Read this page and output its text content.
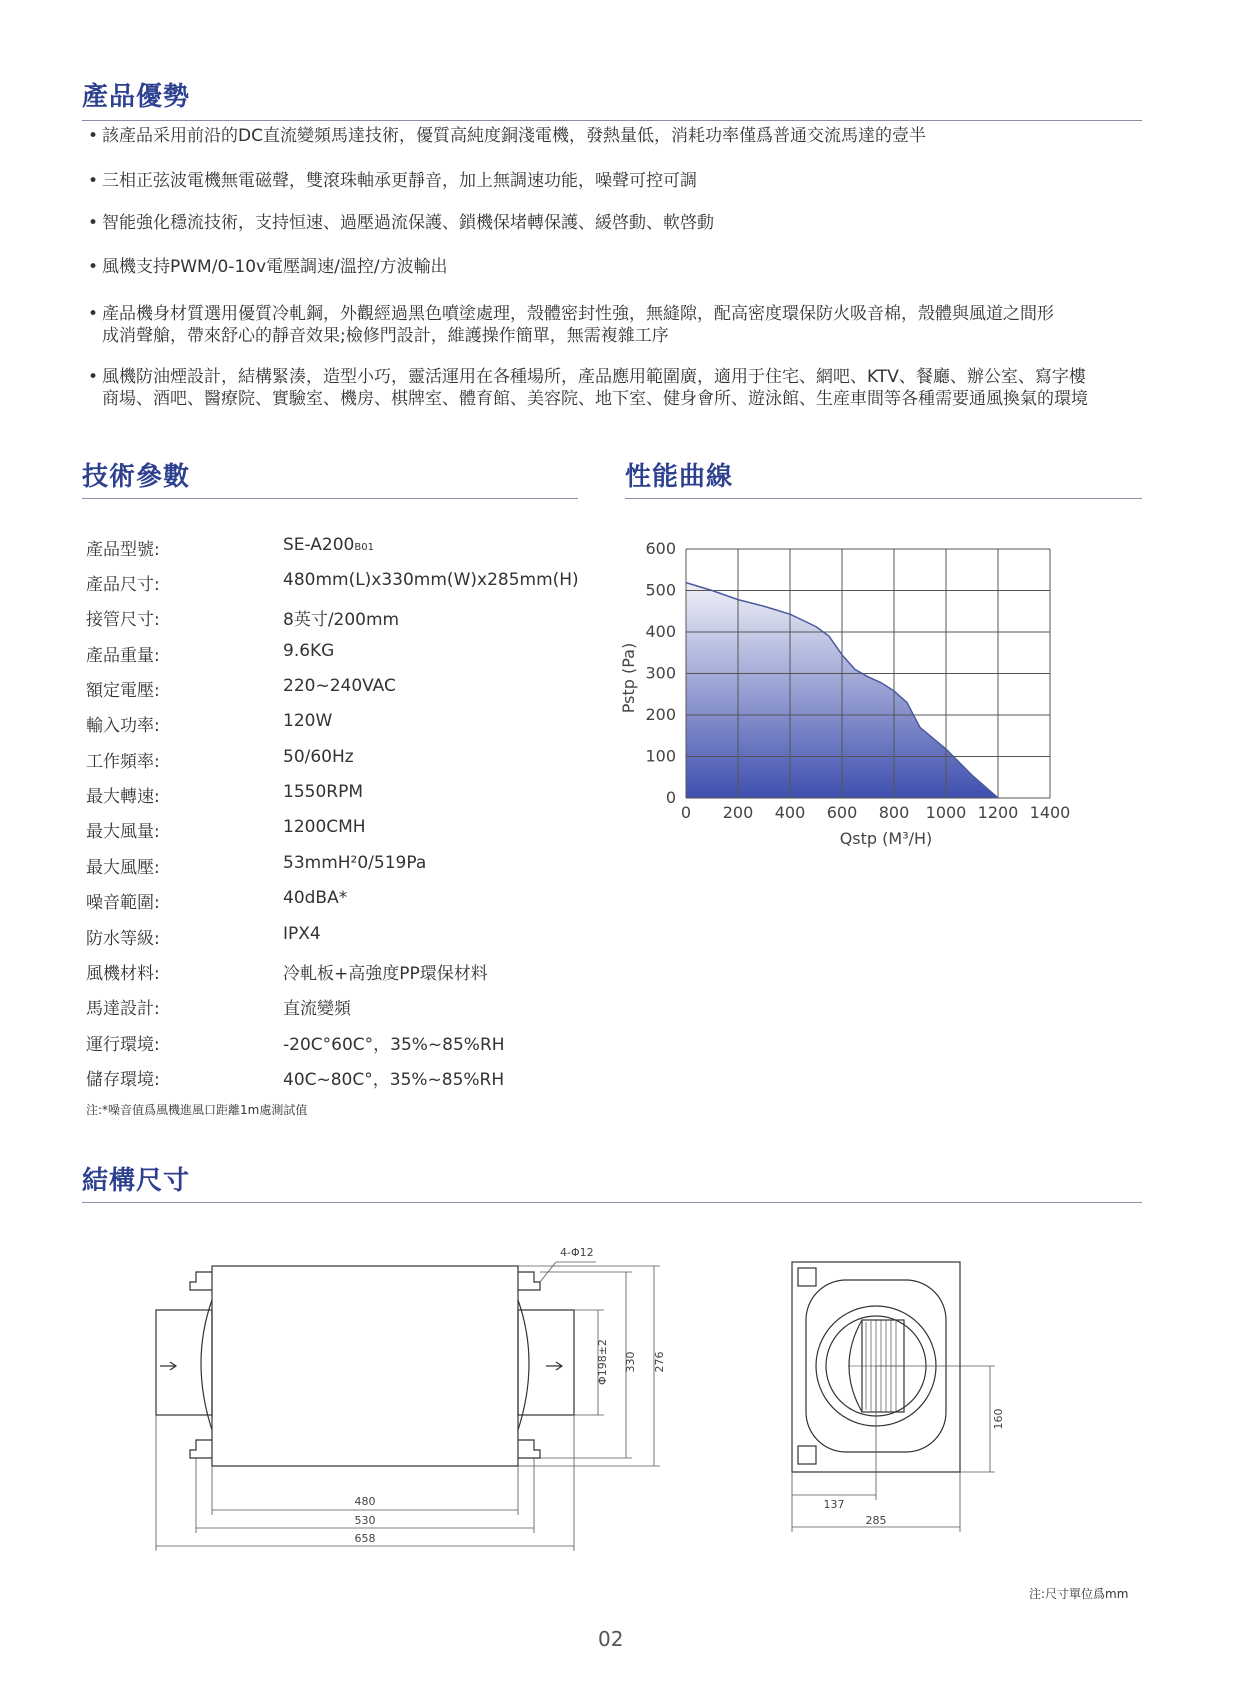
產品優勢
• 該產品采用前沿的DC直流變頻馬達技術，優質高純度銅淺電機，發熱量低，消耗功率僅爲普通交流馬達的壹半
• 三相正弦波電機無電磁聲，雙滾珠軸承更靜音，加上無調速功能，噪聲可控可調
• 智能強化穩流技術，支持恒速、過壓過流保護、鎖機保堵轉保護、緩啓動、軟啓動
• 風機支持PWM/0-10v電壓調速/溫控/方波輸出
• 產品機身材質選用優質冷軋鋼，外觀經過黑色噴塗處理，殼體密封性強，無縫隙，配高密度環保防火吸音棉，殼體與風道之間形
成消聲艙，帶來舒心的靜音效果;檢修門設計，維護操作簡單，無需複雜工序
• 風機防油煙設計，結構緊湊，造型小巧，靈活運用在各種場所，產品應用範圍廣，適用于住宅、網吧、KTV、餐廳、辦公室、寫字樓
商場、酒吧、醫療院、實驗室、機房、棋牌室、體育館、美容院、地下室、健身會所、遊泳館、生産車間等各種需要通風換氣的環境
技術參數
產品型號:	SE-A200B01
產品尺寸:	480mm(L)x330mm(W)x285mm(H)
接管尺寸:	8英寸/200mm
產品重量:	9.6KG
額定電壓:	220~240VAC
輸入功率:	120W
工作頻率:	50/60Hz
最大轉速:	1550RPM
最大風量:	1200CMH
最大風壓:	53mmH²0/519Pa
噪音範圍:	40dBA*
防水等級:	IPX4
風機材料:	冷軋板+高強度PP環保材料
馬達設計:	直流變頻
運行環境:	-20C°60C°，35%~85%RH
儲存環境:	40C~80C°，35%~85%RH
注:*噪音值爲風機進風口距離1m處測試值
性能曲線
0 200 400 600 800 1000 1200 1400
0
100
200
300
400
500
600
Pstp (Pa)
Qstp (M³/H)
結構尺寸
4-Φ12
480
530
658
Φ198±2 330 276
160
137
285
注:尺寸單位爲mm
02
